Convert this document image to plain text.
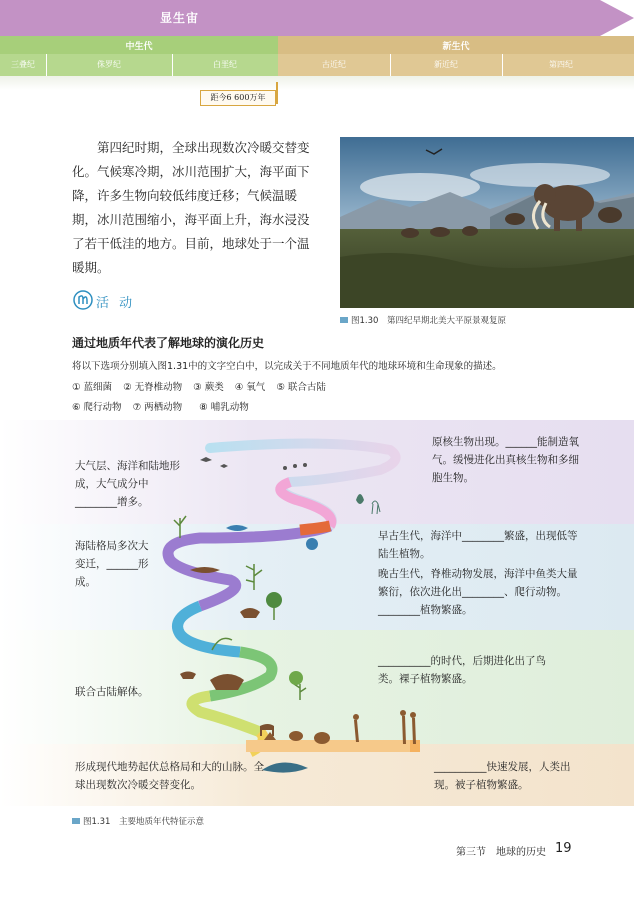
显生宙
中生代	新生代
三叠纪	侏罗纪	白垩纪	古近纪	新近纪	第四纪
距今6 600万年
第四纪时期，全球出现数次冷暖交替变化。气候寒冷期，冰川范围扩大，海平面下降，许多生物向较低纬度迁移；气候温暖期，冰川范围缩小，海平面上升，海水浸没了若干低洼的地方。目前，地球处于一个温暖期。
图1.30　 第四纪早期北美大平原景观复原
活 动
通过地质年代表了解地球的演化历史
将以下选项分别填入图1.31中的文字空白中，以完成关于不同地质年代的地球环境和生命现象的描述。
① 蓝细菌 ② 无脊椎动物 ③ 蕨类 ④ 氧气 ⑤ 联合古陆
⑥ 爬行动物 ⑦ 两栖动物 ⑧ 哺乳动物
大气层、海洋和陆地形成，大气成分中________增多。
海陆格局多次大变迁，______形成。
联合古陆解体。
形成现代地势起伏总格局和大的山脉。全球出现数次冷暖交替变化。
原核生物出现。______能制造氧气。缓慢进化出真核生物和多细胞生物。
早古生代，海洋中________繁盛，出现低等陆生植物。
晚古生代，脊椎动物发展，海洋中鱼类大量繁衍，依次进化出________、爬行动物。________植物繁盛。
__________的时代，后期进化出了鸟类。裸子植物繁盛。
__________快速发展，人类出现。被子植物繁盛。
图1.31　 主要地质年代特征示意
第三节　地球的历史 19
